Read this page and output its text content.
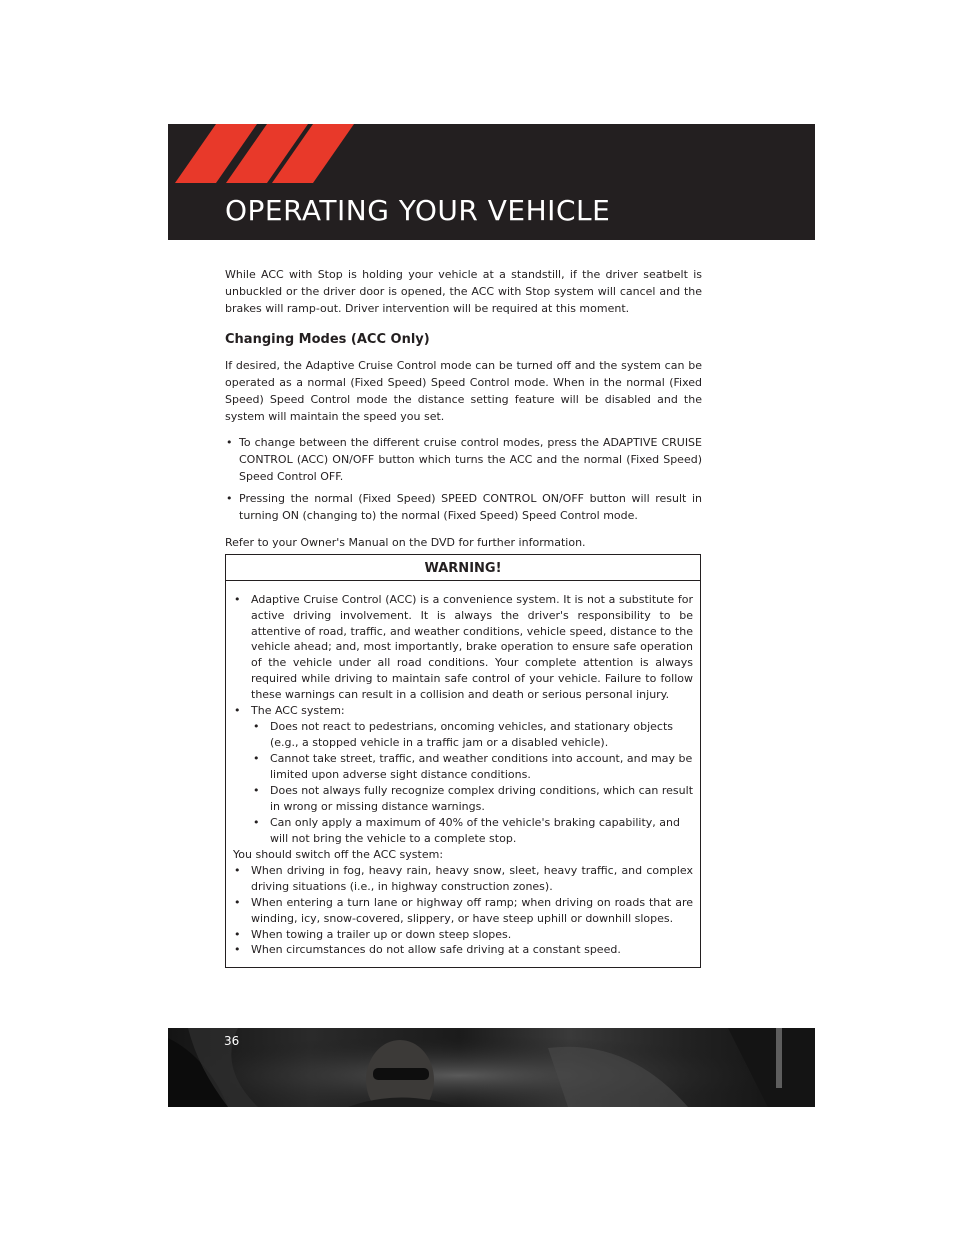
OPERATING YOUR VEHICLE

While ACC with Stop is holding your vehicle at a standstill, if the driver seatbelt is unbuckled or the driver door is opened, the ACC with Stop system will cancel and the brakes will ramp-out. Driver intervention will be required at this moment.

Changing Modes (ACC Only)

If desired, the Adaptive Cruise Control mode can be turned off and the system can be operated as a normal (Fixed Speed) Speed Control mode. When in the normal (Fixed Speed) Speed Control mode the distance setting feature will be disabled and the system will maintain the speed you set.

• To change between the different cruise control modes, press the ADAPTIVE CRUISE CONTROL (ACC) ON/OFF button which turns the ACC and the normal (Fixed Speed) Speed Control OFF.
• Pressing the normal (Fixed Speed) SPEED CONTROL ON/OFF button will result in turning ON (changing to) the normal (Fixed Speed) Speed Control mode.

Refer to your Owner's Manual on the DVD for further information.

WARNING!
• Adaptive Cruise Control (ACC) is a convenience system. It is not a substitute for active driving involvement. It is always the driver's responsibility to be attentive of road, traffic, and weather conditions, vehicle speed, distance to the vehicle ahead; and, most importantly, brake operation to ensure safe operation of the vehicle under all road conditions. Your complete attention is always required while driving to maintain safe control of your vehicle. Failure to follow these warnings can result in a collision and death or serious personal injury.
• The ACC system:
• Does not react to pedestrians, oncoming vehicles, and stationary objects (e.g., a stopped vehicle in a traffic jam or a disabled vehicle).
• Cannot take street, traffic, and weather conditions into account, and may be limited upon adverse sight distance conditions.
• Does not always fully recognize complex driving conditions, which can result in wrong or missing distance warnings.
• Can only apply a maximum of 40% of the vehicle's braking capability, and will not bring the vehicle to a complete stop.

You should switch off the ACC system:

• When driving in fog, heavy rain, heavy snow, sleet, heavy traffic, and complex driving situations (i.e., in highway construction zones).
• When entering a turn lane or highway off ramp; when driving on roads that are winding, icy, snow-covered, slippery, or have steep uphill or downhill slopes.
• When towing a trailer up or down steep slopes.
• When circumstances do not allow safe driving at a constant speed.
36
